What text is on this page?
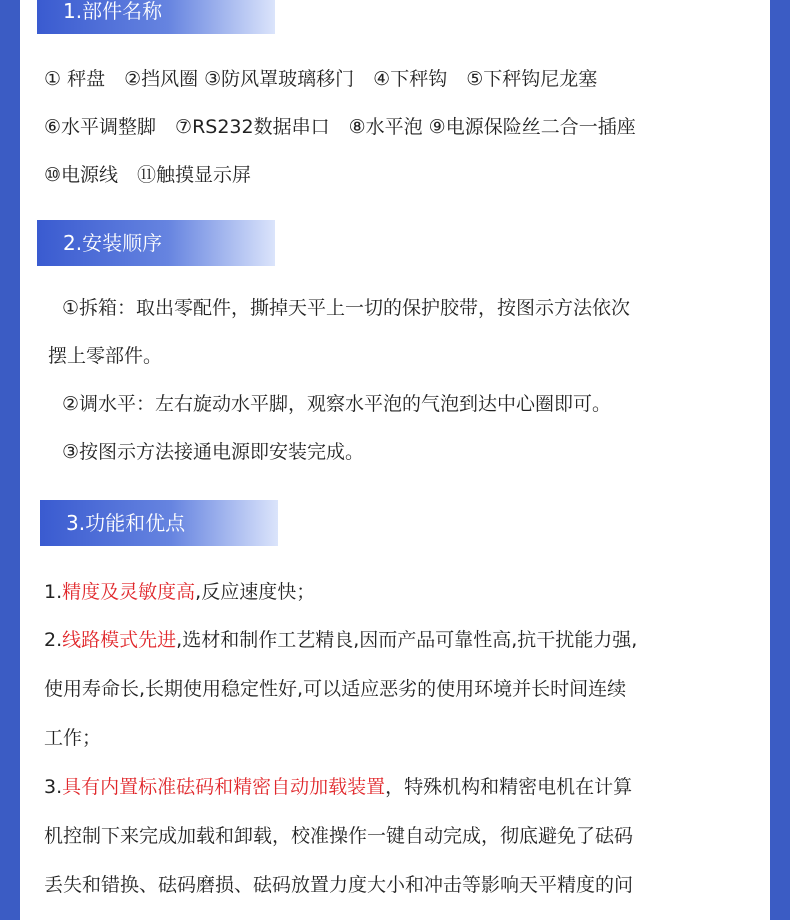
1.部件名称
① 秤盘　②挡风圈 ③防风罩玻璃移门　④下秤钩　⑤下秤钩尼龙塞
⑥水平调整脚　⑦RS232数据串口　⑧水平泡 ⑨电源保险丝二合一插座
⑩电源线　⑪触摸显示屏
2.安装顺序
①拆箱：取出零配件，撕掉天平上一切的保护胶带，按图示方法依次
摆上零部件。
②调水平：左右旋动水平脚，观察水平泡的气泡到达中心圈即可。
③按图示方法接通电源即安装完成。
3.功能和优点
1.精度及灵敏度高,反应速度快；
2.线路模式先进,选材和制作工艺精良,因而产品可靠性高,抗干扰能力强,
使用寿命长,长期使用稳定性好,可以适应恶劣的使用环境并长时间连续
工作；
3.具有内置标准砝码和精密自动加载装置，特殊机构和精密电机在计算
机控制下来完成加载和卸载，校准操作一键自动完成，彻底避免了砝码
丢失和错换、砝码磨损、砝码放置力度大小和冲击等影响天平精度的问
